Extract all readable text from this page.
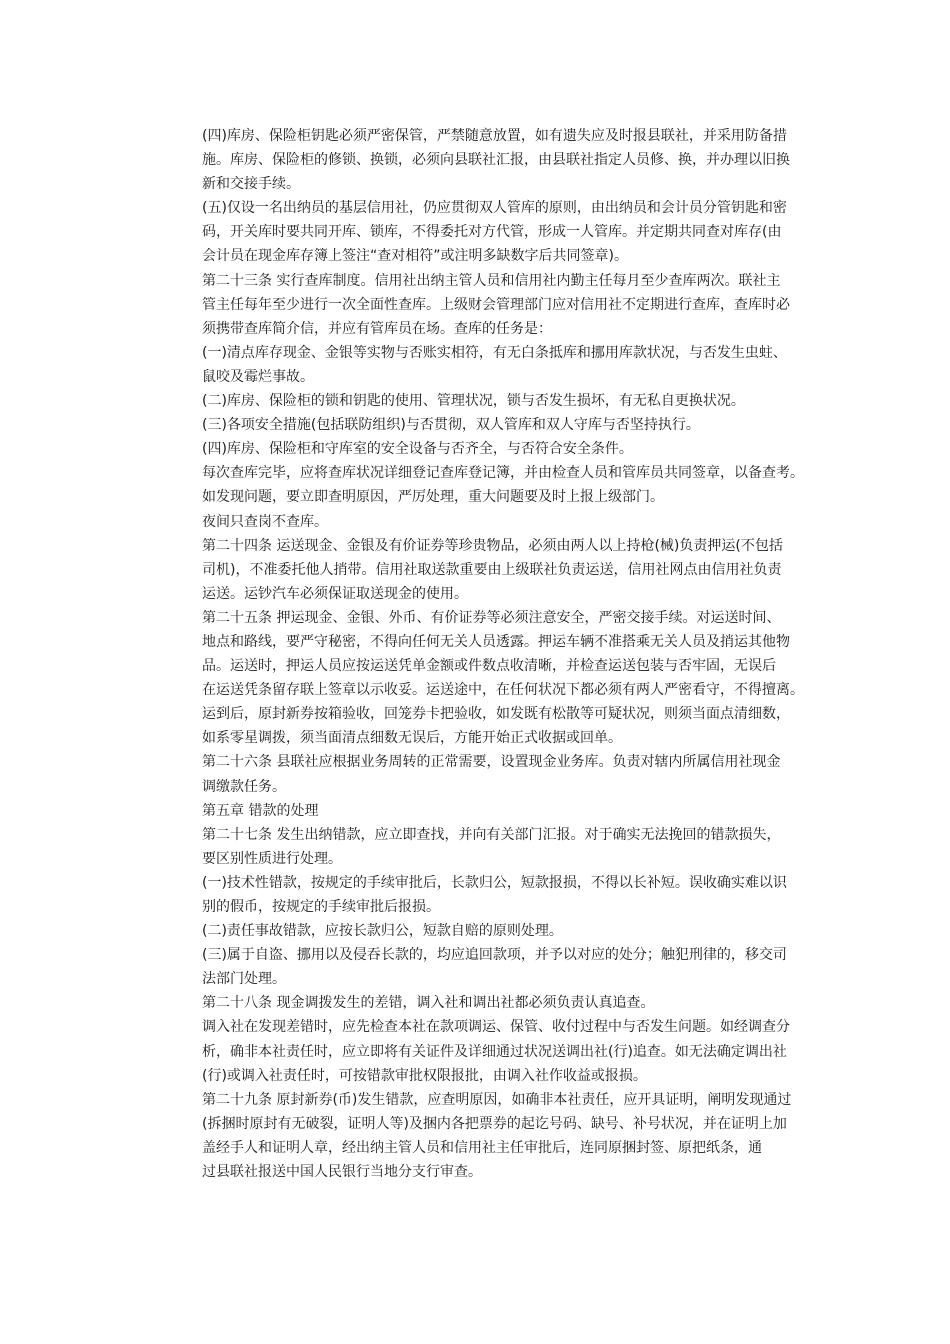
(四)库房、保险柜钥匙必须严密保管，严禁随意放置，如有遗失应及时报县联社，并采用防备措
施。库房、保险柜的修锁、换锁，必须向县联社汇报，由县联社指定人员修、换，并办理以旧换
新和交接手续。
(五)仅设一名出纳员的基层信用社，仍应贯彻双人管库的原则，由出纳员和会计员分管钥匙和密
码，开关库时要共同开库、锁库，不得委托对方代管，形成一人管库。并定期共同查对库存(由
会计员在现金库存簿上签注“查对相符”或注明多缺数字后共同签章)。
第二十三条 实行查库制度。信用社出纳主管人员和信用社内勤主任每月至少查库两次。联社主
管主任每年至少进行一次全面性查库。上级财会管理部门应对信用社不定期进行查库，查库时必
须携带查库简介信，并应有管库员在场。查库的任务是：
(一)清点库存现金、金银等实物与否账实相符，有无白条抵库和挪用库款状况，与否发生虫蛀、
鼠咬及霉烂事故。
(二)库房、保险柜的锁和钥匙的使用、管理状况，锁与否发生损坏，有无私自更换状况。
(三)各项安全措施(包括联防组织)与否贯彻，双人管库和双人守库与否坚持执行。
(四)库房、保险柜和守库室的安全设备与否齐全，与否符合安全条件。
每次查库完毕，应将查库状况详细登记查库登记簿，并由检查人员和管库员共同签章，以备查考。
如发现问题，要立即查明原因，严厉处理，重大问题要及时上报上级部门。
夜间只查岗不查库。
第二十四条 运送现金、金银及有价证券等珍贵物品，必须由两人以上持枪(械)负责押运(不包括
司机)，不准委托他人捎带。信用社取送款重要由上级联社负责运送，信用社网点由信用社负责
运送。运钞汽车必须保证取送现金的使用。
第二十五条 押运现金、金银、外币、有价证券等必须注意安全，严密交接手续。对运送时间、
地点和路线，要严守秘密，不得向任何无关人员透露。押运车辆不准搭乘无关人员及捎运其他物
品。运送时，押运人员应按运送凭单金额或件数点收清晰，并检查运送包装与否牢固，无误后
在运送凭条留存联上签章以示收妥。运送途中，在任何状况下都必须有两人严密看守，不得擅离。
运到后，原封新券按箱验收，回笼券卡把验收，如发既有松散等可疑状况，则须当面点清细数，
如系零星调拨，须当面清点细数无误后，方能开始正式收据或回单。
第二十六条 县联社应根据业务周转的正常需要，设置现金业务库。负责对辖内所属信用社现金
调缴款任务。
第五章 错款的处理
第二十七条 发生出纳错款，应立即查找，并向有关部门汇报。对于确实无法挽回的错款损失，
要区别性质进行处理。
(一)技术性错款，按规定的手续审批后，长款归公，短款报损，不得以长补短。误收确实难以识
别的假币，按规定的手续审批后报损。
(二)责任事故错款，应按长款归公，短款自赔的原则处理。
(三)属于自盗、挪用以及侵吞长款的，均应追回款项，并予以对应的处分；触犯刑律的，移交司
法部门处理。
第二十八条 现金调拨发生的差错，调入社和调出社都必须负责认真追查。
调入社在发现差错时，应先检查本社在款项调运、保管、收付过程中与否发生问题。如经调查分
析，确非本社责任时，应立即将有关证件及详细通过状况送调出社(行)追查。如无法确定调出社
(行)或调入社责任时，可按错款审批权限报批，由调入社作收益或报损。
第二十九条 原封新券(币)发生错款，应查明原因，如确非本社责任，应开具证明，阐明发现通过
(拆捆时原封有无破裂，证明人等)及捆内各把票券的起讫号码、缺号、补号状况，并在证明上加
盖经手人和证明人章，经出纳主管人员和信用社主任审批后，连同原捆封签、原把纸条，通
过县联社报送中国人民银行当地分支行审查。
